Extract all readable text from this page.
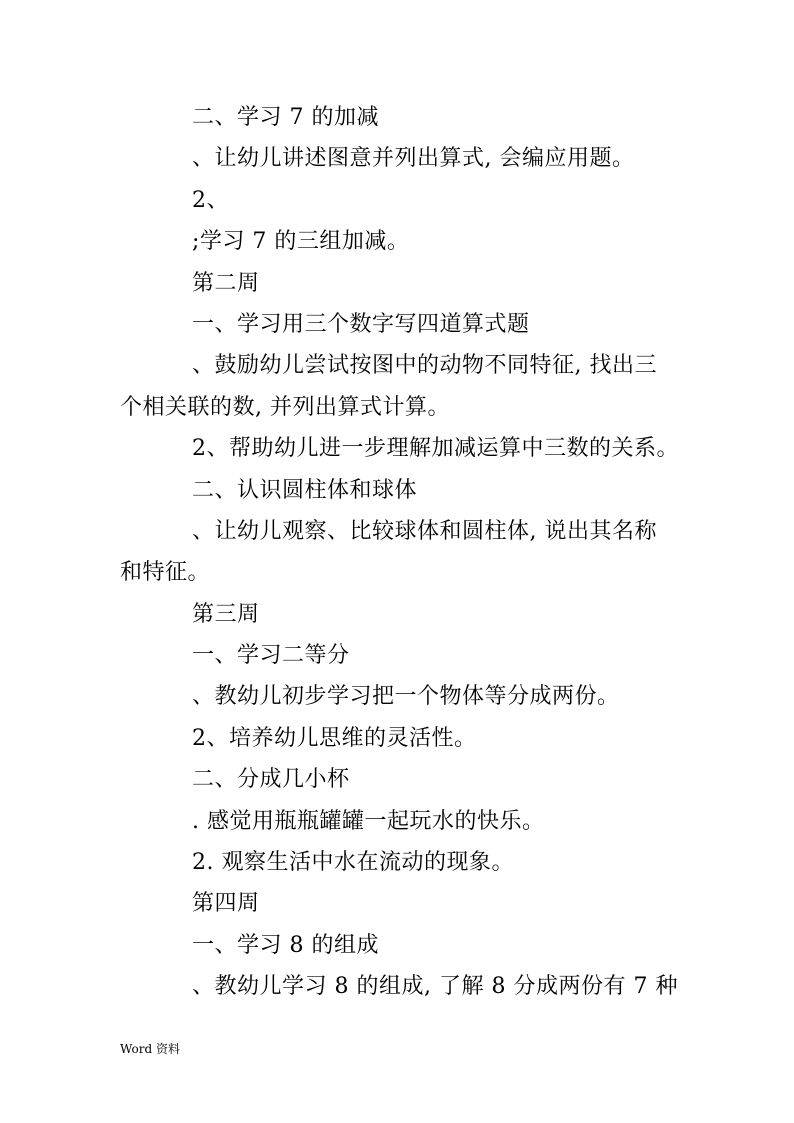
二、学习 7 的加减
、让幼儿讲述图意并列出算式, 会编应用题。
2、
;学习 7 的三组加减。
第二周
一、学习用三个数字写四道算式题
、鼓励幼儿尝试按图中的动物不同特征, 找出三
个相关联的数, 并列出算式计算。
2、帮助幼儿进一步理解加减运算中三数的关系。
二、认识圆柱体和球体
、让幼儿观察、比较球体和圆柱体, 说出其名称
和特征。
第三周
一、学习二等分
、教幼儿初步学习把一个物体等分成两份。
2、培养幼儿思维的灵活性。
二、分成几小杯
. 感觉用瓶瓶罐罐一起玩水的快乐。
2. 观察生活中水在流动的现象。
第四周
一、学习 8 的组成
、教幼儿学习 8 的组成, 了解 8 分成两份有 7 种
Word 资料
